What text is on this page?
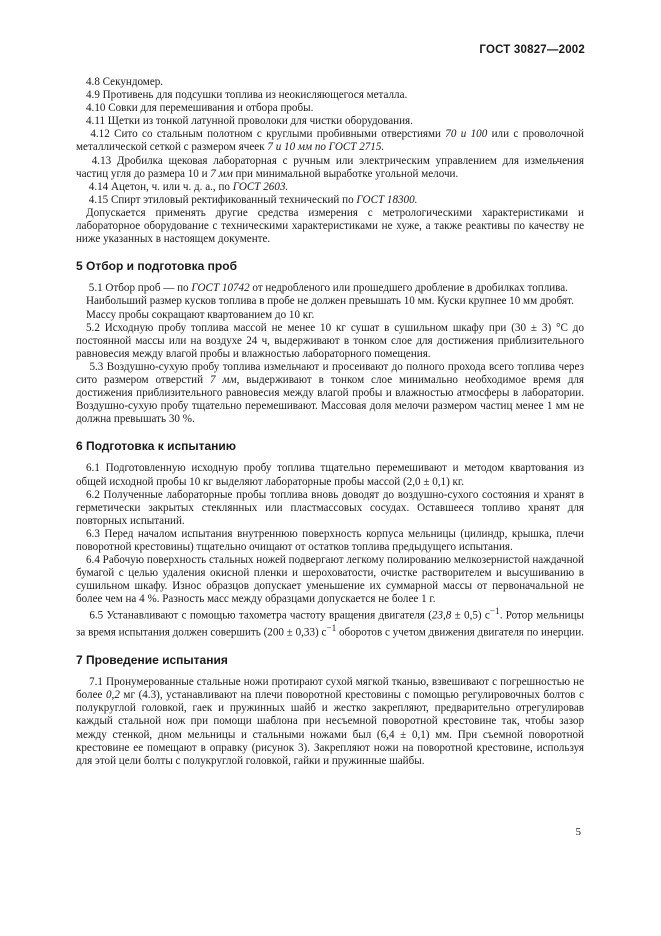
ГОСТ 30827—2002

4.8 Секундомер.

4.9 Противень для подсушки топлива из неокисляющегося металла.

4.10 Совки для перемешивания и отбора пробы.

4.11 Щетки из тонкой латунной проволоки для чистки оборудования.

4.12 Сито со стальным полотном с круглыми пробивными отверстиями 70 и 100 или с проволочной металлической сеткой с размером ячеек 7 и 10 мм по ГОСТ 2715.

4.13 Дробилка щековая лабораторная с ручным или электрическим управлением для измельчения частиц угля до размера 10 и 7 мм при минимальной выработке угольной мелочи.

4.14 Ацетон, ч. или ч. д. а., по ГОСТ 2603.

4.15 Спирт этиловый ректификованный технический по ГОСТ 18300.

Допускается применять другие средства измерения с метрологическими характеристиками и лабораторное оборудование с техническими характеристиками не хуже, а также реактивы по качеству не ниже указанных в настоящем документе.

5 Отбор и подготовка проб

5.1 Отбор проб — по ГОСТ 10742 от недробленого или прошедшего дробление в дробилках топлива.

Наибольший размер кусков топлива в пробе не должен превышать 10 мм. Куски крупнее 10 мм дробят.

Массу пробы сокращают квартованием до 10 кг.

5.2 Исходную пробу топлива массой не менее 10 кг сушат в сушильном шкафу при (30 ± 3) °С до постоянной массы или на воздухе 24 ч, выдерживают в тонком слое для достижения приблизительного равновесия между влагой пробы и влажностью лабораторного помещения.

5.3 Воздушно-сухую пробу топлива измельчают и просеивают до полного прохода всего топлива через сито размером отверстий 7 мм, выдерживают в тонком слое минимально необходимое время для достижения приблизительного равновесия между влагой пробы и влажностью атмосферы в лаборатории. Воздушно-сухую пробу тщательно перемешивают. Массовая доля мелочи размером частиц менее 1 мм не должна превышать 30 %.

6 Подготовка к испытанию

6.1 Подготовленную исходную пробу топлива тщательно перемешивают и методом квартования из общей исходной пробы 10 кг выделяют лабораторные пробы массой (2,0 ± 0,1) кг.

6.2 Полученные лабораторные пробы топлива вновь доводят до воздушно-сухого состояния и хранят в герметически закрытых стеклянных или пластмассовых сосудах. Оставшееся топливо хранят для повторных испытаний.

6.3 Перед началом испытания внутреннюю поверхность корпуса мельницы (цилиндр, крышка, плечи поворотной крестовины) тщательно очищают от остатков топлива предыдущего испытания.

6.4 Рабочую поверхность стальных ножей подвергают легкому полированию мелкозернистой наждачной бумагой с целью удаления окисной пленки и шероховатости, очистке растворителем и высушиванию в сушильном шкафу. Износ образцов допускает уменьшение их суммарной массы от первоначальной не более чем на 4 %. Разность масс между образцами допускается не более 1 г.

6.5 Устанавливают с помощью тахометра частоту вращения двигателя (23,8 ± 0,5) $с^{-1}$. Ротор мельницы за время испытания должен совершить (200 ± 0,33) $с^{-1}$ оборотов с учетом движения двигателя по инерции.

7 Проведение испытания

7.1 Пронумерованные стальные ножи протирают сухой мягкой тканью, взвешивают с погрешностью не более 0,2 мг (4.3), устанавливают на плечи поворотной крестовины с помощью регулировочных болтов с полукруглой головкой, гаек и пружинных шайб и жестко закрепляют, предварительно отрегулировав каждый стальной нож при помощи шаблона при несъемной поворотной крестовине так, чтобы зазор между стенкой, дном мельницы и стальными ножами был (6,4 ± 0,1) мм. При съемной поворотной крестовине ее помещают в оправку (рисунок 3). Закрепляют ножи на поворотной крестовине, используя для этой цели болты с полукруглой головкой, гайки и пружинные шайбы.

5
